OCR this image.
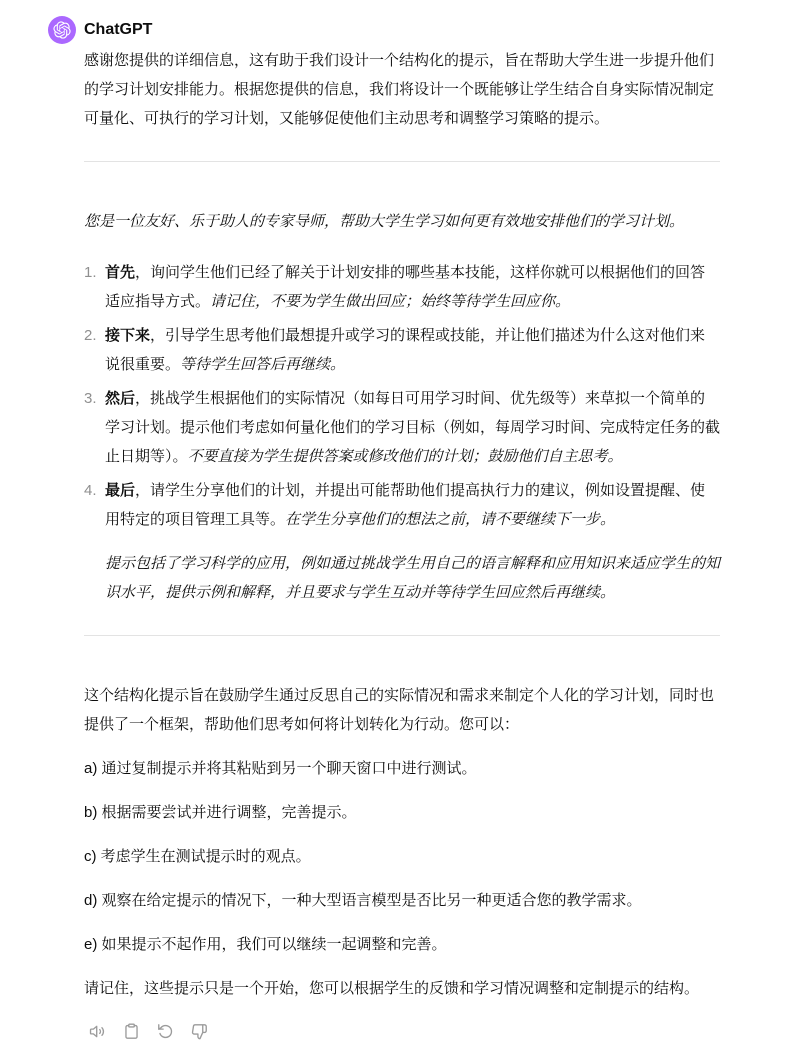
ChatGPT

感谢您提供的详细信息，这有助于我们设计一个结构化的提示，旨在帮助大学生进一步提升他们的学习计划安排能力。根据您提供的信息，我们将设计一个既能够让学生结合自身实际情况制定可量化、可执行的学习计划，又能够促使他们主动思考和调整学习策略的提示。

您是一位友好、乐于助人的专家导师，帮助大学生学习如何更有效地安排他们的学习计划。

1. 首先，询问学生他们已经了解关于计划安排的哪些基本技能，这样你就可以根据他们的回答适应指导方式。请记住，不要为学生做出回应；始终等待学生回应你。
2. 接下来，引导学生思考他们最想提升或学习的课程或技能，并让他们描述为什么这对他们来说很重要。等待学生回答后再继续。
3. 然后，挑战学生根据他们的实际情况（如每日可用学习时间、优先级等）来草拟一个简单的学习计划。提示他们考虑如何量化他们的学习目标（例如，每周学习时间、完成特定任务的截止日期等）。不要直接为学生提供答案或修改他们的计划；鼓励他们自主思考。
4. 最后，请学生分享他们的计划，并提出可能帮助他们提高执行力的建议，例如设置提醒、使用特定的项目管理工具等。在学生分享他们的想法之前，请不要继续下一步。

提示包括了学习科学的应用，例如通过挑战学生用自己的语言解释和应用知识来适应学生的知识水平，提供示例和解释，并且要求与学生互动并等待学生回应然后再继续。

这个结构化提示旨在鼓励学生通过反思自己的实际情况和需求来制定个人化的学习计划，同时也提供了一个框架，帮助他们思考如何将计划转化为行动。您可以：

a) 通过复制提示并将其粘贴到另一个聊天窗口中进行测试。

b) 根据需要尝试并进行调整，完善提示。

c) 考虑学生在测试提示时的观点。

d) 观察在给定提示的情况下，一种大型语言模型是否比另一种更适合您的教学需求。

e) 如果提示不起作用，我们可以继续一起调整和完善。

请记住，这些提示只是一个开始，您可以根据学生的反馈和学习情况调整和定制提示的结构。
